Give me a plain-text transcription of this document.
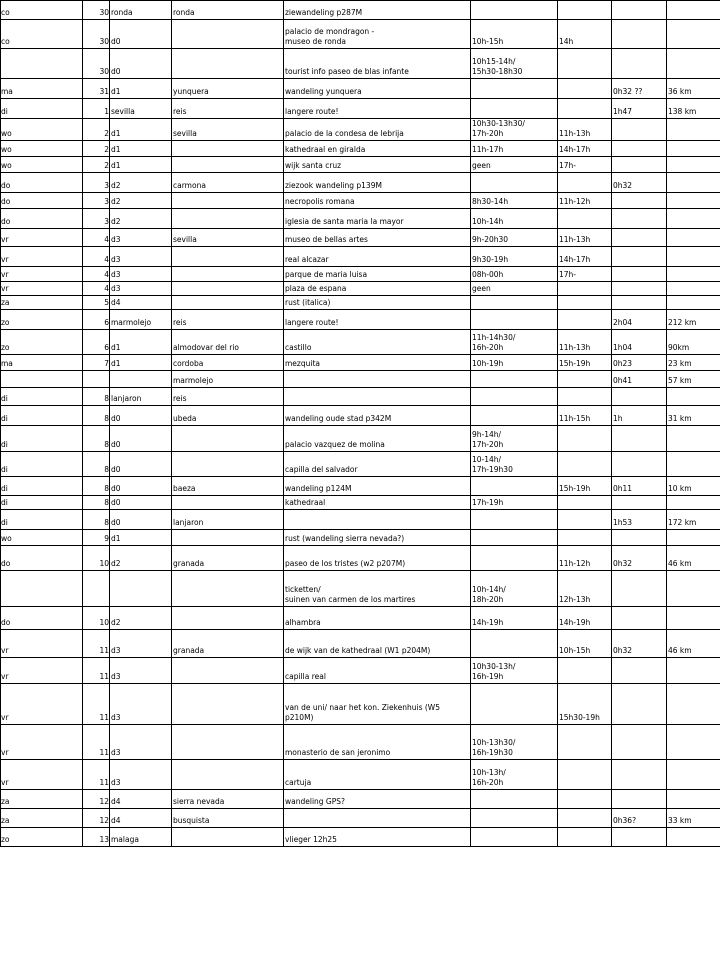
co	30	ronda	ronda	ziewandeling p287M				
co	30	d0		palacio de mondragon -
museo de ronda	10h-15h	14h		
	30	d0		tourist info paseo de blas infante	10h15-14h/
15h30-18h30			
ma	31	d1	yunquera	wandeling yunquera			0h32 ??	36 km
di	1	sevilla	reis	langere route!			1h47	138 km
wo	2	d1	sevilla	palacio de la condesa de lebrija	10h30-13h30/
17h-20h	11h-13h		
wo	2	d1		kathedraal en giralda	11h-17h	14h-17h		
wo	2	d1		wijk santa cruz	geen	17h-		
do	3	d2	carmona	ziezook wandeling p139M			0h32	
do	3	d2		necropolis romana	8h30-14h	11h-12h		
do	3	d2		iglesia de santa maria la mayor	10h-14h			
vr	4	d3	sevilla	museo de bellas artes	9h-20h30	11h-13h		
vr	4	d3		real alcazar	9h30-19h	14h-17h		
vr	4	d3		parque de maria luisa	08h-00h	17h-		
vr	4	d3		plaza de espana	geen			
za	5	d4		rust (italica)				
zo	6	marmolejo	reis	langere route!			2h04	212 km
zo	6	d1	almodovar del rio	castillo	11h-14h30/
16h-20h	11h-13h	1h04	90km
ma	7	d1	cordoba	mezquita	10h-19h	15h-19h	0h23	23 km
			marmolejo				0h41	57 km
di	8	lanjaron	reis					
di	8	d0	ubeda	wandeling oude stad p342M		11h-15h	1h	31 km
di	8	d0		palacio vazquez de molina	9h-14h/
17h-20h			
di	8	d0		capilla del salvador	10-14h/
17h-19h30			
di	8	d0	baeza	wandeling p124M		15h-19h	0h11	10 km
di	8	d0		kathedraal	17h-19h			
di	8	d0	lanjaron				1h53	172 km
wo	9	d1		rust (wandeling sierra nevada?)				
do	10	d2	granada	paseo de los tristes (w2 p207M)		11h-12h	0h32	46 km
				ticketten/
suinen van carmen de los martires	10h-14h/
18h-20h	12h-13h		
do	10	d2		alhambra	14h-19h	14h-19h		
vr	11	d3	granada	de wijk van de kathedraal (W1 p204M)		10h-15h	0h32	46 km
vr	11	d3		capilla real	10h30-13h/
16h-19h			
vr	11	d3		van de uni/ naar het kon. Ziekenhuis (W5
p210M)		15h30-19h		
vr	11	d3		monasterio de san jeronimo	10h-13h30/
16h-19h30			
vr	11	d3		cartuja	10h-13h/
16h-20h			
za	12	d4	sierra nevada	wandeling GPS?				
za	12	d4	busquista				0h36?	33 km
zo	13	malaga		vlieger 12h25				
